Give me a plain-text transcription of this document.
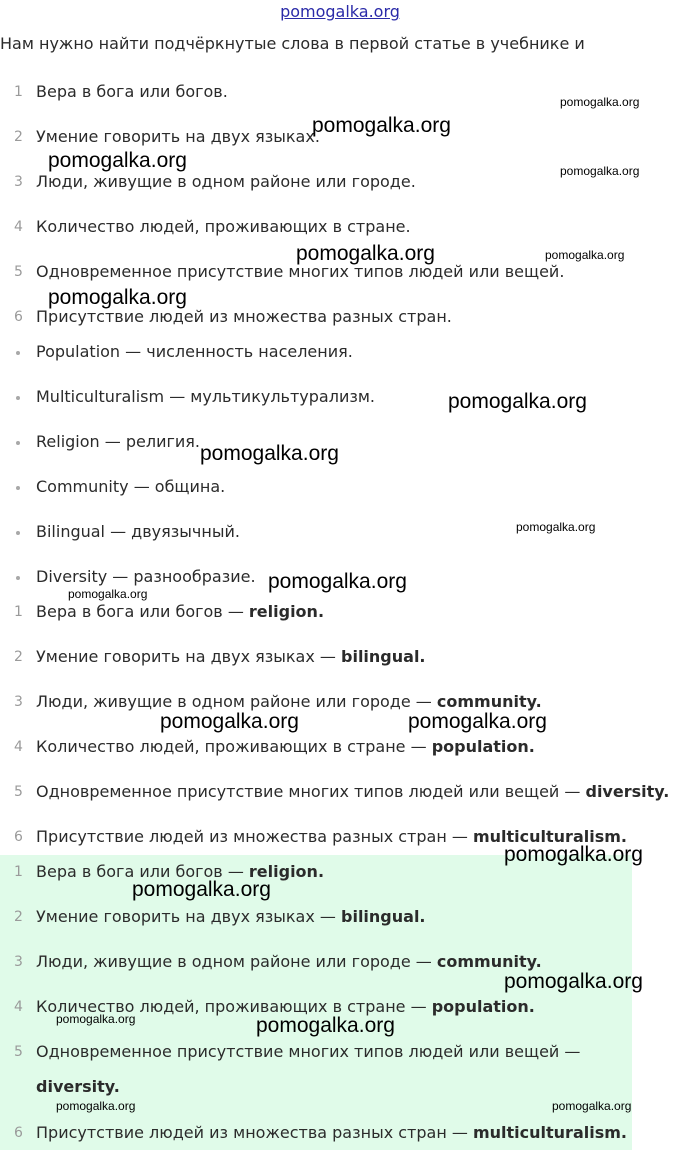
pomogalka.org
Нам нужно найти подчёркнутые слова в первой статье в учебнике и
1 Вера в бога или богов.
2 Умение говорить на двух языках.
3 Люди, живущие в одном районе или городе.
4 Количество людей, проживающих в стране.
5 Одновременное присутствие многих типов людей или вещей.
6 Присутствие людей из множества разных стран.
Population — численность населения.
Multiculturalism — мультикультурализм.
Religion — религия.
Community — община.
Bilingual — двуязычный.
Diversity — разнообразие.
1 Вера в бога или богов — religion.
2 Умение говорить на двух языках — bilingual.
3 Люди, живущие в одном районе или городе — community.
4 Количество людей, проживающих в стране — population.
5 Одновременное присутствие многих типов людей или вещей — diversity.
6 Присутствие людей из множества разных стран — multiculturalism.
1 Вера в бога или богов — religion.
2 Умение говорить на двух языках — bilingual.
3 Люди, живущие в одном районе или городе — community.
4 Количество людей, проживающих в стране — population.
5 Одновременное присутствие многих типов людей или вещей —
diversity.
6 Присутствие людей из множества разных стран — multiculturalism.
pomogalka.org
pomogalka.org
pomogalka.org	pomogalka.org
pomogalka.org	pomogalka.org
pomogalka.org
pomogalka.org
pomogalka.org
pomogalka.org
pomogalka.org
pomogalka.org
pomogalka.org	pomogalka.org
pomogalka.org
pomogalka.org
pomogalka.org
pomogalka.org	pomogalka.org
pomogalka.org	pomogalka.org
